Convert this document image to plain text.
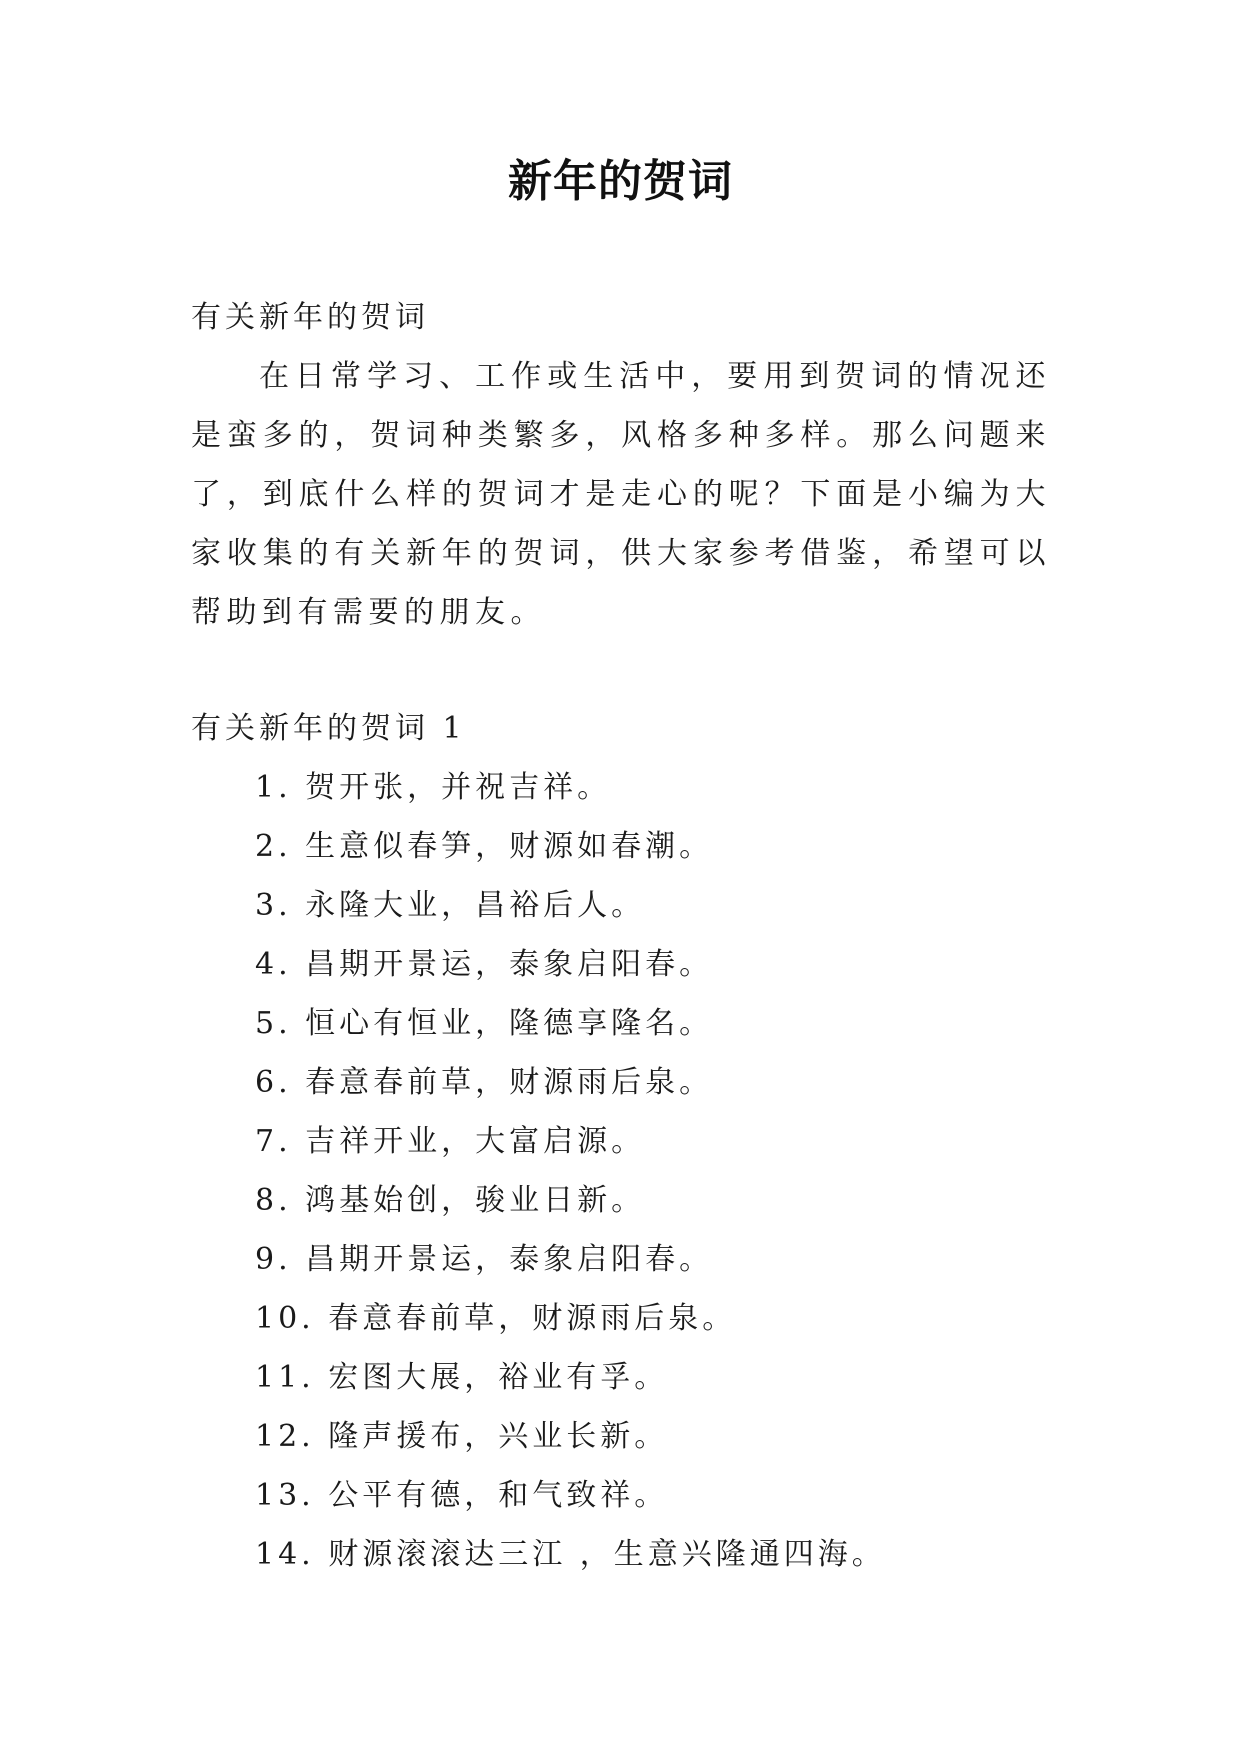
新年的贺词

有关新年的贺词

在日常学习、工作或生活中，要用到贺词的情况还是蛮多的，贺词种类繁多，风格多种多样。那么问题来了，到底什么样的贺词才是走心的呢？下面是小编为大家收集的有关新年的贺词，供大家参考借鉴，希望可以帮助到有需要的朋友。

有关新年的贺词 1

1. 贺开张，并祝吉祥。
2. 生意似春笋，财源如春潮。
3. 永隆大业，昌裕后人。
4. 昌期开景运，泰象启阳春。
5. 恒心有恒业，隆德享隆名。
6. 春意春前草，财源雨后泉。
7. 吉祥开业，大富启源。
8. 鸿基始创，骏业日新。
9. 昌期开景运，泰象启阳春。
10. 春意春前草，财源雨后泉。
11. 宏图大展，裕业有孚。
12. 隆声援布，兴业长新。
13. 公平有德，和气致祥。
14. 财源滚滚达三江 ，生意兴隆通四海。
